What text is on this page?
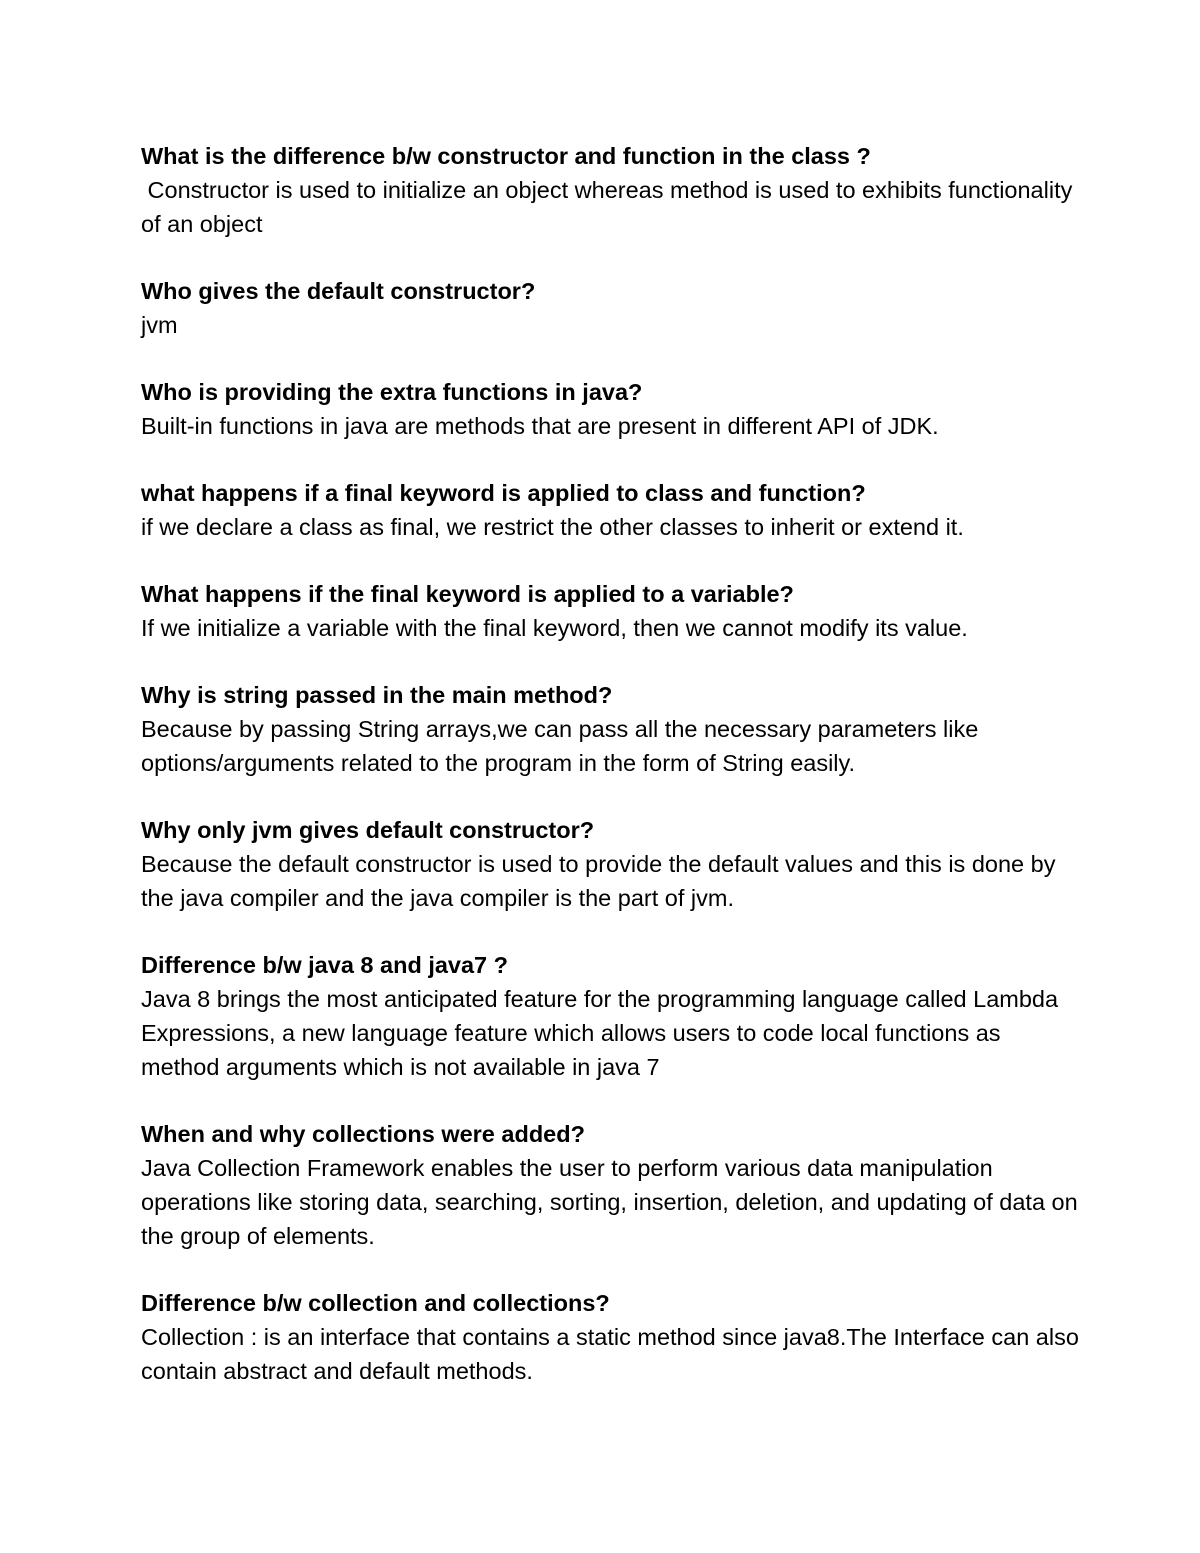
What is the difference b/w constructor and function in the class ?

Constructor is used to initialize an object whereas method is used to exhibits functionality of an object

Who gives the default constructor?

jvm

Who is providing the extra functions in java?

Built-in functions in java are methods that are present in different API of JDK.

what happens if a final keyword is applied to class and function?

if we declare a class as final, we restrict the other classes to inherit or extend it.

What happens if the final keyword is applied to a variable?

If we initialize a variable with the final keyword, then we cannot modify its value.

Why is string passed in the main method?

Because by passing String arrays,we can pass all the necessary parameters like options/arguments related to the program in the form of String easily.

Why only jvm gives default constructor?

Because the default constructor is used to provide the default values and this is done by the java compiler and the java compiler is the part of jvm.

Difference b/w java 8 and java7 ?

Java 8 brings the most anticipated feature for the programming language called Lambda Expressions, a new language feature which allows users to code local functions as method arguments which is not available in java 7

When and why collections were added?

Java Collection Framework enables the user to perform various data manipulation operations like storing data, searching, sorting, insertion, deletion, and updating of data on the group of elements.

Difference b/w collection and collections?

Collection : is an interface that contains a static method since java8.The Interface can also contain abstract and default methods.
